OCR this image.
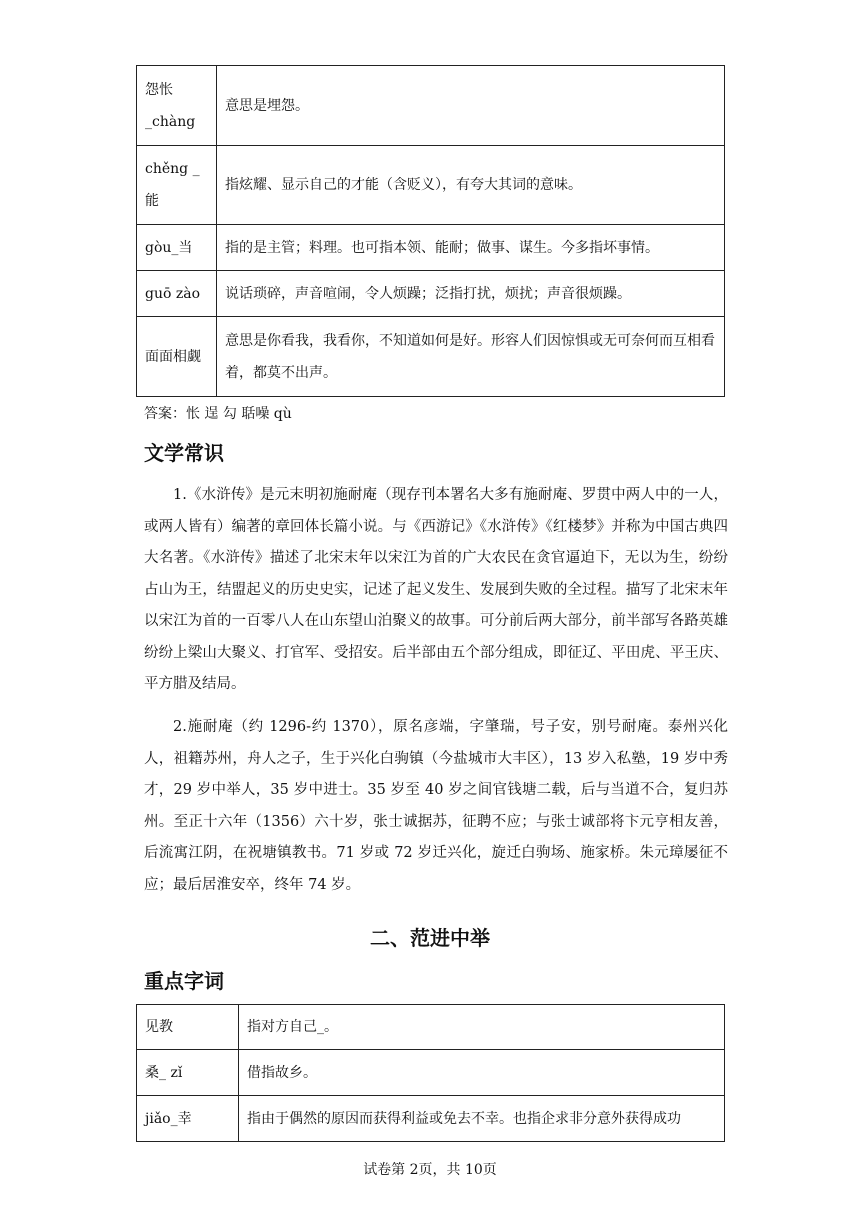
怨怅_chàng	意思是埋怨。
chěng _能	指炫耀、显示自己的才能（含贬义），有夸大其词的意味。
gòu_当	指的是主管；料理。也可指本领、能耐；做事、谋生。今多指坏事情。
guō zào	说话琐碎，声音喧闹，令人烦躁；泛指打扰，烦扰；声音很烦躁。
面面相觑	意思是你看我，我看你，不知道如何是好。形容人们因惊惧或无可奈何而互相看着，都莫不出声。
答案：怅 逞 勾 聒噪 qù
文学常识

1.《水浒传》是元末明初施耐庵（现存刊本署名大多有施耐庵、罗贯中两人中的一人，或两人皆有）编著的章回体长篇小说。与《西游记》《水浒传》《红楼梦》并称为中国古典四大名著。《水浒传》描述了北宋末年以宋江为首的广大农民在贪官逼迫下，无以为生，纷纷占山为王，结盟起义的历史史实，记述了起义发生、发展到失败的全过程。描写了北宋末年以宋江为首的一百零八人在山东望山泊聚义的故事。可分前后两大部分，前半部写各路英雄纷纷上梁山大聚义、打官军、受招安。后半部由五个部分组成，即征辽、平田虎、平王庆、平方腊及结局。

2.施耐庵（约 1296-约 1370），原名彦端，字肇瑞，号子安，别号耐庵。泰州兴化人，祖籍苏州，舟人之子，生于兴化白驹镇（今盐城市大丰区），13 岁入私塾，19 岁中秀才，29 岁中举人，35 岁中进士。35 岁至 40 岁之间官钱塘二载，后与当道不合，复归苏州。至正十六年（1356）六十岁，张士诚据苏，征聘不应；与张士诚部将卞元亨相友善，后流寓江阴，在祝塘镇教书。71 岁或 72 岁迁兴化，旋迁白驹场、施家桥。朱元璋屡征不应；最后居淮安卒，终年 74 岁。

二、范进中举
重点字词
见教	指对方自己_。
桑_ zǐ	借指故乡。
jiǎo_幸	指由于偶然的原因而获得利益或免去不幸。也指企求非分意外获得成功
试卷第 2页，共 10页
